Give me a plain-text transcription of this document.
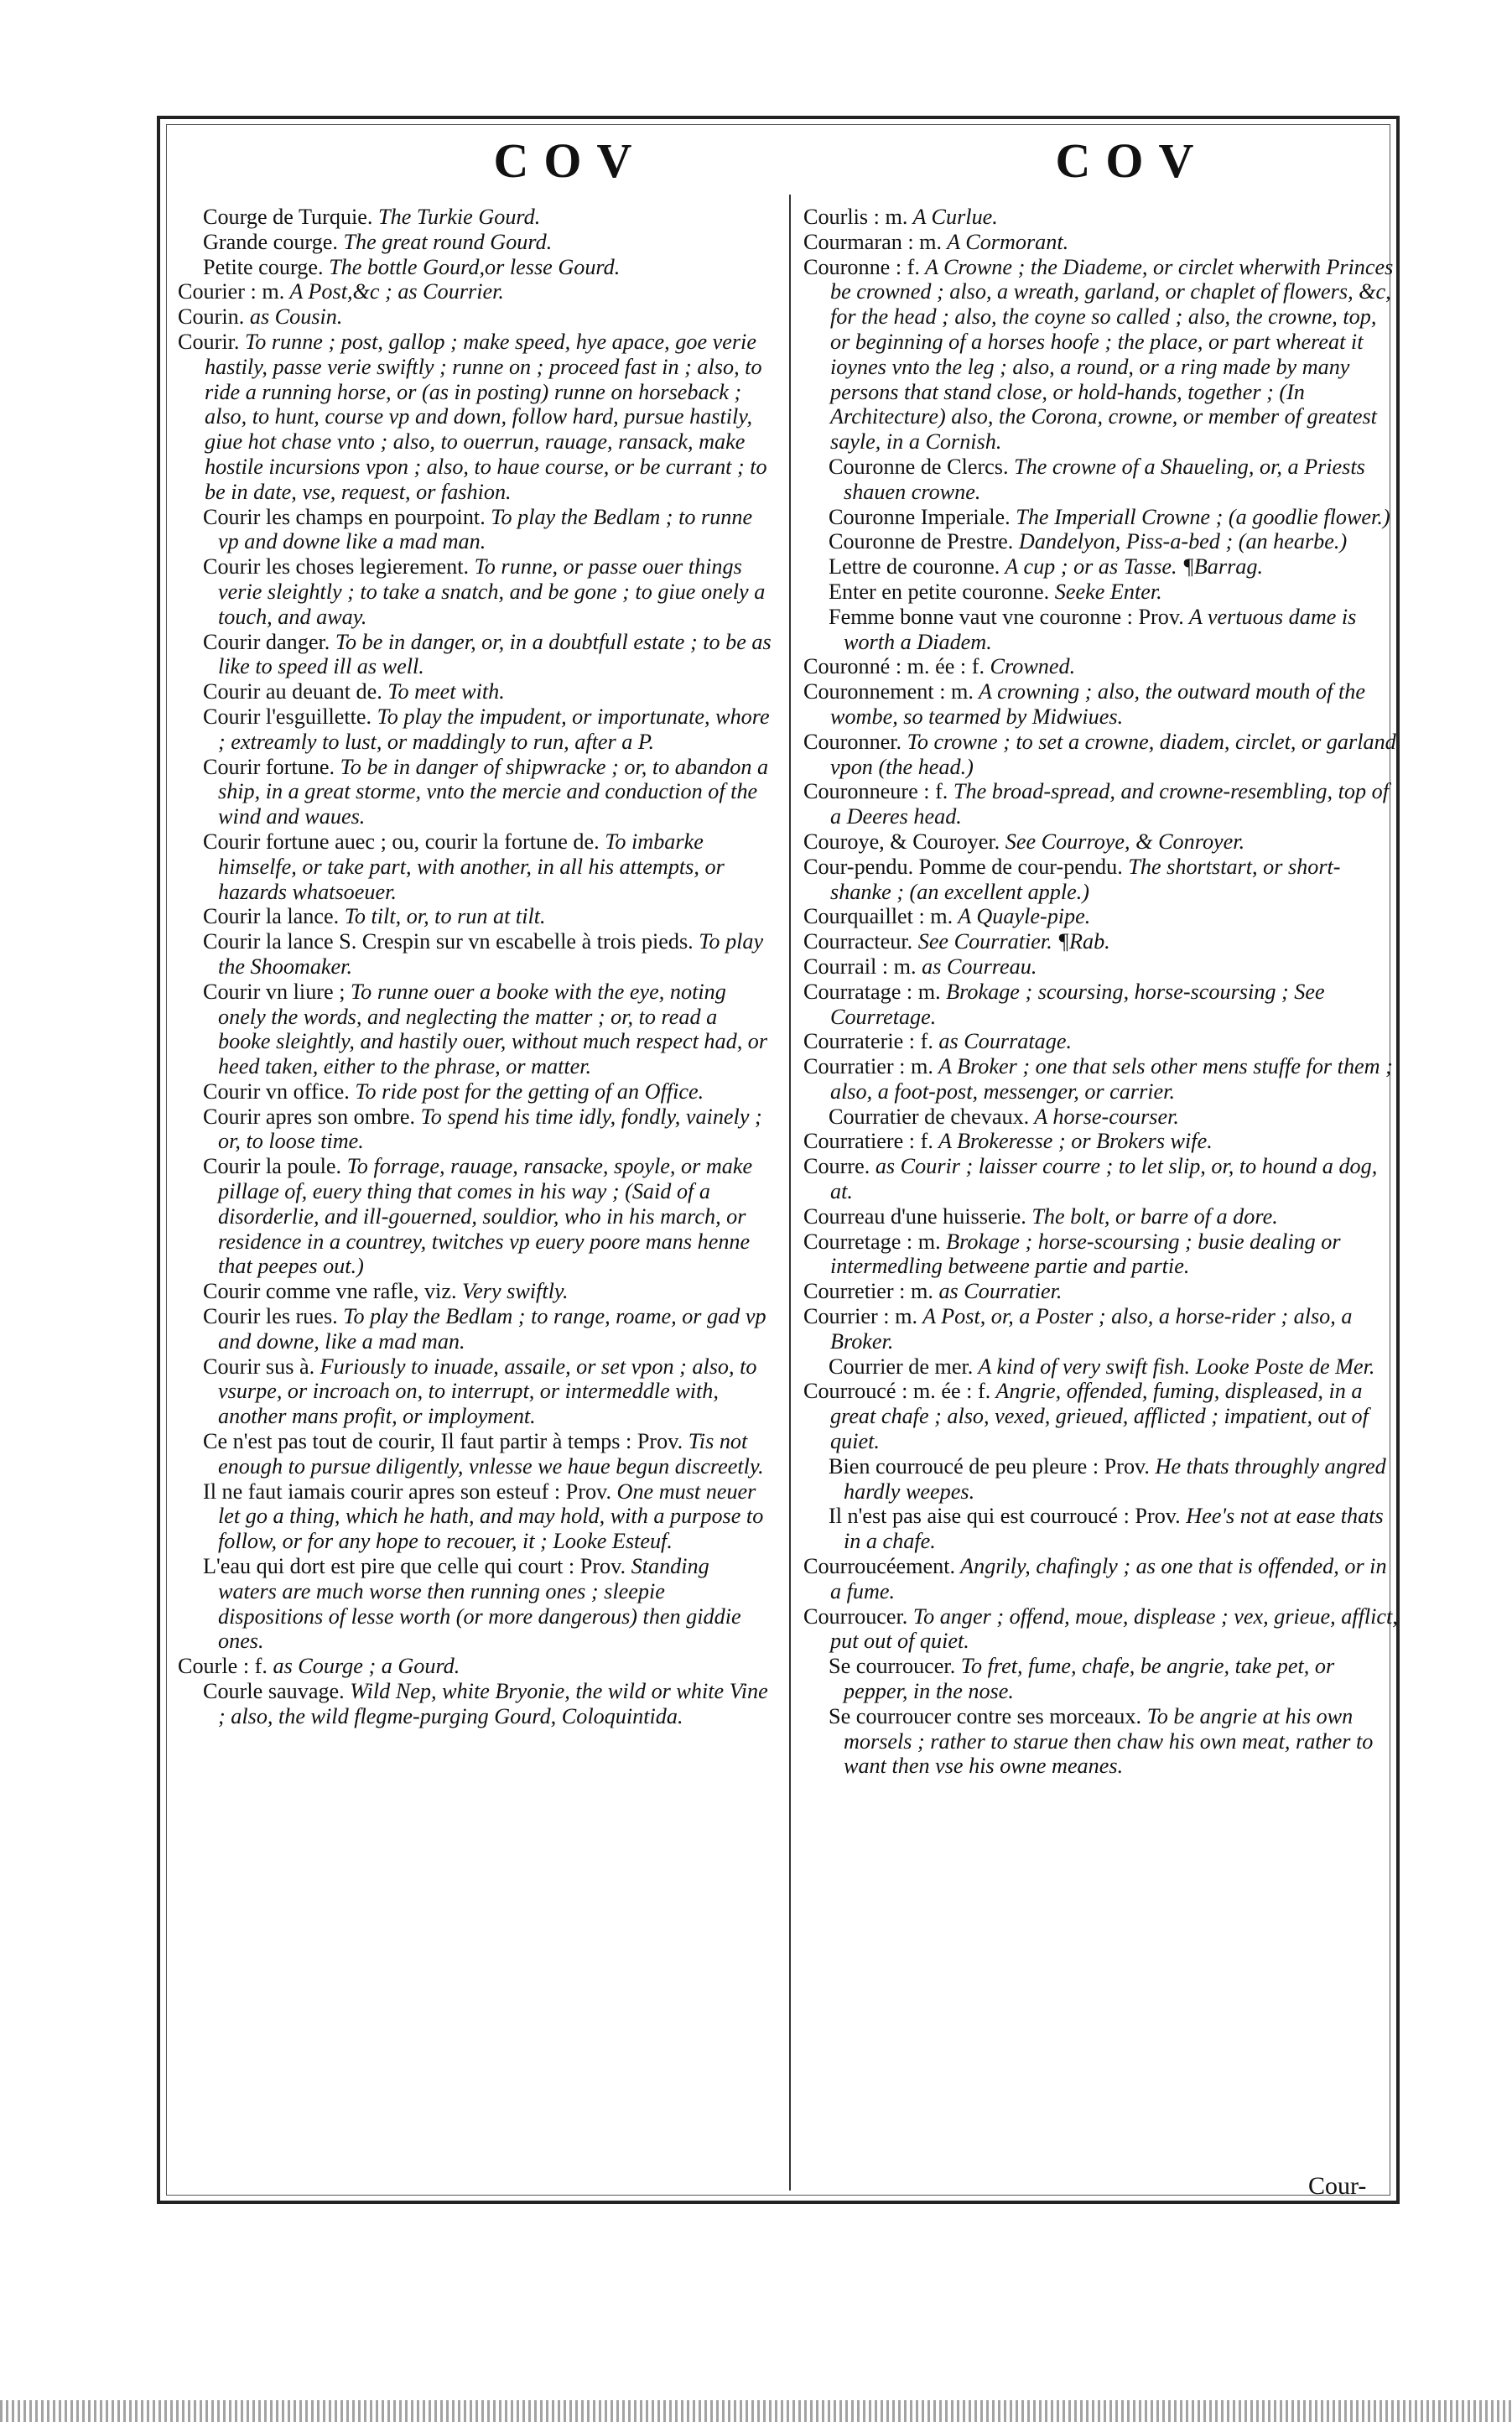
COV	COV

Courge de Turquie. The Turkie Gourd.

Grande courge. The great round Gourd.

Petite courge. The bottle Gourd,or lesse Gourd.

Courier : m. A Post,&c ; as Courrier.

Courin. as Cousin.

Courir. To runne ; post, gallop ; make speed, hye apace, goe verie hastily, passe verie swiftly ; runne on ; proceed fast in ; also, to ride a running horse, or (as in posting) runne on horseback ; also, to hunt, course vp and down, follow hard, pursue hastily, giue hot chase vnto ; also, to ouerrun, rauage, ransack, make hostile incursions vpon ; also, to haue course, or be currant ; to be in date, vse, request, or fashion.

Courir les champs en pourpoint. To play the Bedlam ; to runne vp and downe like a mad man.

Courir les choses legierement. To runne, or passe ouer things verie sleightly ; to take a snatch, and be gone ; to giue onely a touch, and away.

Courir danger. To be in danger, or, in a doubtfull estate ; to be as like to speed ill as well.

Courir au deuant de. To meet with.

Courir l'esguillette. To play the impudent, or importunate, whore ; extreamly to lust, or maddingly to run, after a P.

Courir fortune. To be in danger of shipwracke ; or, to abandon a ship, in a great storme, vnto the mercie and conduction of the wind and waues.

Courir fortune auec ; ou, courir la fortune de. To imbarke himselfe, or take part, with another, in all his attempts, or hazards whatsoeuer.

Courir la lance. To tilt, or, to run at tilt.

Courir la lance S. Crespin sur vn escabelle à trois pieds. To play the Shoomaker.

Courir vn liure ; To runne ouer a booke with the eye, noting onely the words, and neglecting the matter ; or, to read a booke sleightly, and hastily ouer, without much respect had, or heed taken, either to the phrase, or matter.

Courir vn office. To ride post for the getting of an Office.

Courir apres son ombre. To spend his time idly, fondly, vainely ; or, to loose time.

Courir la poule. To forrage, rauage, ransacke, spoyle, or make pillage of, euery thing that comes in his way ; (Said of a disorderlie, and ill-gouerned, souldior, who in his march, or residence in a countrey, twitches vp euery poore mans henne that peepes out.)

Courir comme vne rafle, viz. Very swiftly.

Courir les rues. To play the Bedlam ; to range, roame, or gad vp and downe, like a mad man.

Courir sus à. Furiously to inuade, assaile, or set vpon ; also, to vsurpe, or incroach on, to interrupt, or intermeddle with, another mans profit, or imployment.

Ce n'est pas tout de courir, Il faut partir à temps : Prov. Tis not enough to pursue diligently, vnlesse we haue begun discreetly.

Il ne faut iamais courir apres son esteuf : Prov. One must neuer let go a thing, which he hath, and may hold, with a purpose to follow, or for any hope to recouer, it ; Looke Esteuf.

L'eau qui dort est pire que celle qui court : Prov. Standing waters are much worse then running ones ; sleepie dispositions of lesse worth (or more dangerous) then giddie ones.

Courle : f. as Courge ; a Gourd.

Courle sauvage. Wild Nep, white Bryonie, the wild or white Vine ; also, the wild flegme-purging Gourd, Coloquintida.

Courlis : m. A Curlue.

Courmaran : m. A Cormorant.

Couronne : f. A Crowne ; the Diademe, or circlet wherwith Princes be crowned ; also, a wreath, garland, or chaplet of flowers, &c, for the head ; also, the coyne so called ; also, the crowne, top, or beginning of a horses hoofe ; the place, or part whereat it ioynes vnto the leg ; also, a round, or a ring made by many persons that stand close, or hold-hands, together ; (In Architecture) also, the Corona, crowne, or member of greatest sayle, in a Cornish.

Couronne de Clercs. The crowne of a Shaueling, or, a Priests shauen crowne.

Couronne Imperiale. The Imperiall Crowne ; (a goodlie flower.)

Couronne de Prestre. Dandelyon, Piss-a-bed ; (an hearbe.)

Lettre de couronne. A cup ; or as Tasse. ¶Barrag.

Enter en petite couronne. Seeke Enter.

Femme bonne vaut vne couronne : Prov. A vertuous dame is worth a Diadem.

Couronné : m. ée : f. Crowned.

Couronnement : m. A crowning ; also, the outward mouth of the wombe, so tearmed by Midwiues.

Couronner. To crowne ; to set a crowne, diadem, circlet, or garland vpon (the head.)

Couronneure : f. The broad-spread, and crowne-resembling, top of a Deeres head.

Couroye, & Couroyer. See Courroye, & Conroyer.

Cour-pendu. Pomme de cour-pendu. The shortstart, or short-shanke ; (an excellent apple.)

Courquaillet : m. A Quayle-pipe.

Courracteur. See Courratier. ¶Rab.

Courrail : m. as Courreau.

Courratage : m. Brokage ; scoursing, horse-scoursing ; See Courretage.

Courraterie : f. as Courratage.

Courratier : m. A Broker ; one that sels other mens stuffe for them ; also, a foot-post, messenger, or carrier.

Courratier de chevaux. A horse-courser.

Courratiere : f. A Brokeresse ; or Brokers wife.

Courre. as Courir ; laisser courre ; to let slip, or, to hound a dog, at.

Courreau d'une huisserie. The bolt, or barre of a dore.

Courretage : m. Brokage ; horse-scoursing ; busie dealing or intermedling betweene partie and partie.

Courretier : m. as Courratier.

Courrier : m. A Post, or, a Poster ; also, a horse-rider ; also, a Broker.

Courrier de mer. A kind of very swift fish. Looke Poste de Mer.

Courroucé : m. ée : f. Angrie, offended, fuming, displeased, in a great chafe ; also, vexed, grieued, afflicted ; impatient, out of quiet.

Bien courroucé de peu pleure : Prov. He thats throughly angred hardly weepes.

Il n'est pas aise qui est courroucé : Prov. Hee's not at ease thats in a chafe.

Courroucéement. Angrily, chafingly ; as one that is offended, or in a fume.

Courroucer. To anger ; offend, moue, displease ; vex, grieue, afflict, put out of quiet.

Se courroucer. To fret, fume, chafe, be angrie, take pet, or pepper, in the nose.

Se courroucer contre ses morceaux. To be angrie at his own morsels ; rather to starue then chaw his own meat, rather to want then vse his owne meanes.

Cour-
